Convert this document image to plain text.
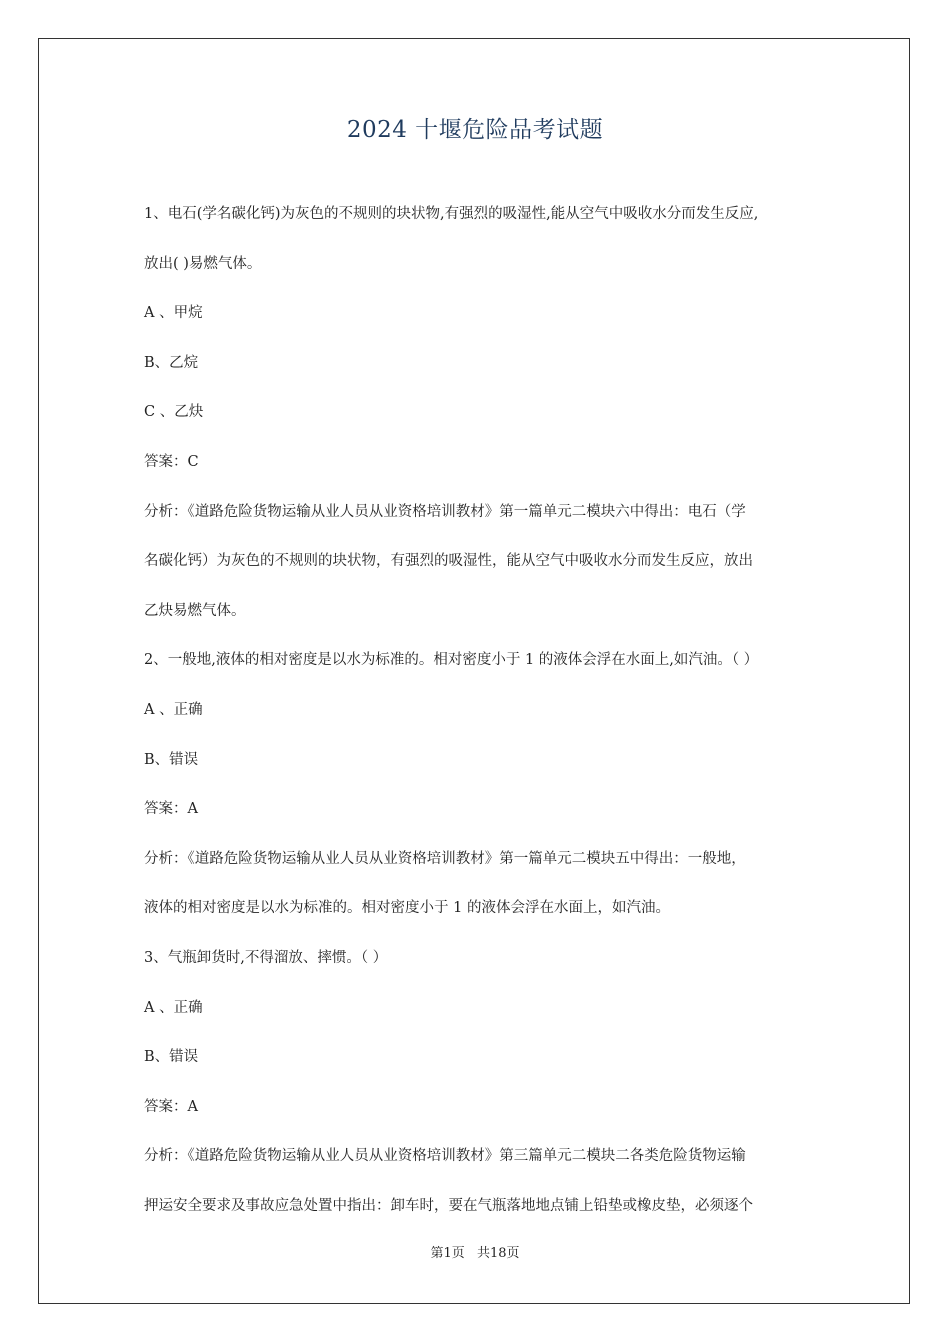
2024 十堰危险品考试题
1、电石(学名碳化钙)为灰色的不规则的块状物,有强烈的吸湿性,能从空气中吸收水分而发生反应,
放出( )易燃气体。
A 、甲烷
B、乙烷
C 、乙炔
答案：C
分析：《道路危险货物运输从业人员从业资格培训教材》第一篇单元二模块六中得出：电石（学
名碳化钙）为灰色的不规则的块状物，有强烈的吸湿性，能从空气中吸收水分而发生反应，放出
乙炔易燃气体。
2、一般地,液体的相对密度是以水为标准的。相对密度小于 1 的液体会浮在水面上,如汽油。（ ）
A 、正确
B、错误
答案：A
分析：《道路危险货物运输从业人员从业资格培训教材》第一篇单元二模块五中得出：一般地，
液体的相对密度是以水为标准的。相对密度小于 1 的液体会浮在水面上，如汽油。
3、气瓶卸货时,不得溜放、摔惯。（ ）
A 、正确
B、错误
答案：A
分析：《道路危险货物运输从业人员从业资格培训教材》第三篇单元二模块二各类危险货物运输
押运安全要求及事故应急处置中指出：卸车时，要在气瓶落地地点铺上铅垫或橡皮垫，必须逐个
第1页 共18页
